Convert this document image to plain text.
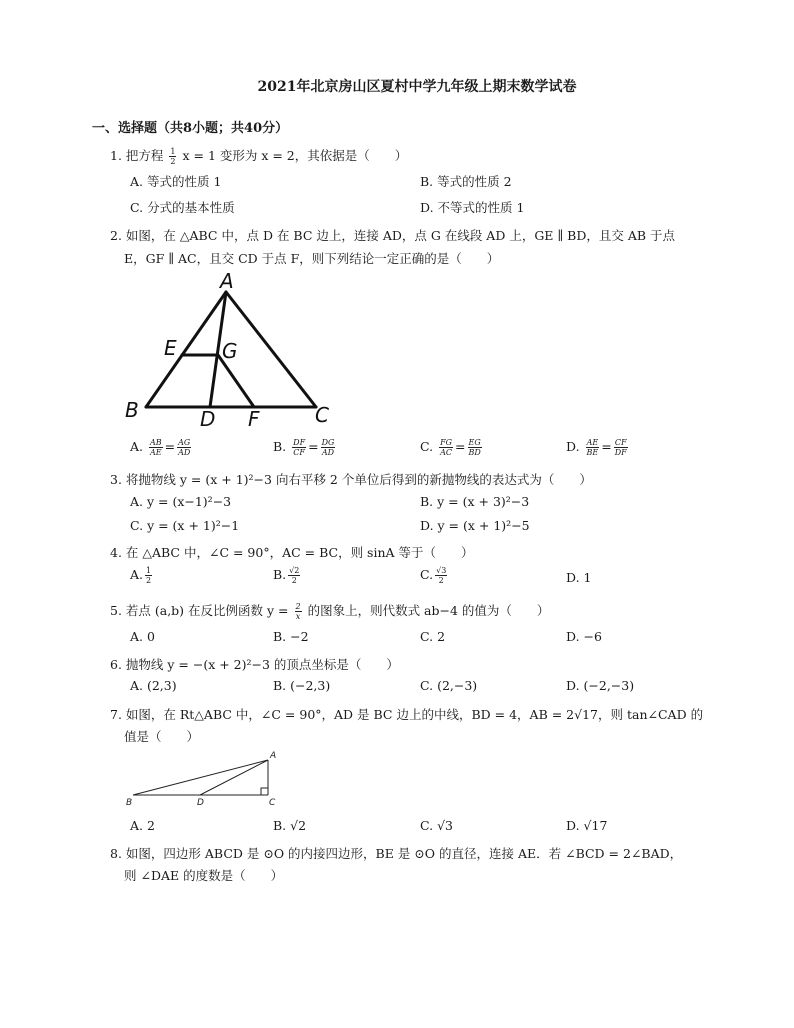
2021年北京房山区夏村中学九年级上期末数学试卷
一、选择题（共8小题；共40分）
1. 把方程 $\frac{1}{2}$ x = 1 变形为 x = 2，其依据是（　　）
A. 等式的性质 1	B. 等式的性质 2
C. 分式的基本性质	D. 不等式的性质 1
2. 如图，在 △ABC 中，点 D 在 BC 边上，连接 AD，点 G 在线段 AD 上，GE ∥ BD，且交 AB 于点
E，GF ∥ AC，且交 CD 于点 F，则下列结论一定正确的是（　　）
A
E G
B	D F	C
A. $\frac{AB}{AE} = \frac{AG}{AD}$	B. $\frac{DF}{CF} = \frac{DG}{AD}$	C. $\frac{FG}{AC} = \frac{EG}{BD}$	D. $\frac{AE}{BE} = \frac{CF}{DF}$
3. 将抛物线 y = (x + 1)²−3 向右平移 2 个单位后得到的新抛物线的表达式为（　　）
A. y = (x−1)²−3	B. y = (x + 3)²−3
C. y = (x + 1)²−1	D. y = (x + 1)²−5
4. 在 △ABC 中，∠C = 90°，AC = BC，则 sinA 等于（　　）
A. $\frac{1}{2}$	B. $\frac{√2}{2}$	C. $\frac{√3}{2}$	D. 1
5. 若点 (a,b) 在反比例函数 $y = \frac{2}{x}$ 的图象上，则代数式 ab−4 的值为（　　）
A. 0	B. −2	C. 2	D. −6
6. 抛物线 y = −(x + 2)²−3 的顶点坐标是（　　）
A. (2,3)	B. (−2,3)	C. (2,−3)	D. (−2,−3)
7. 如图，在 Rt△ABC 中，∠C = 90°，AD 是 BC 边上的中线，BD = 4，AB = 2√17，则 tan∠CAD 的
值是（　　）
A
B	D	C
A. 2	B. √2	C. √3	D. √17
8. 如图，四边形 ABCD 是 ⊙O 的内接四边形，BE 是 ⊙O 的直径，连接 AE．若 ∠BCD = 2∠BAD，
则 ∠DAE 的度数是（　　）
